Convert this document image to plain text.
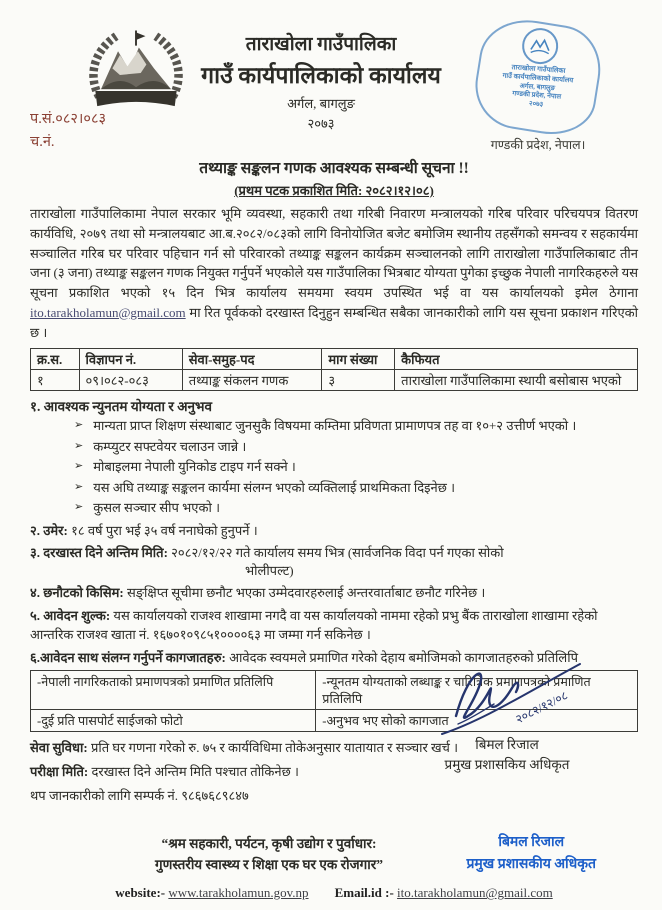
ताराखोला गाउँपालिका
गाउँ कार्यपालिकाको कार्यालय
अर्गल, बागलुङ
२०७३
प.सं.०८२।०८३
च.नं.
ताराखोला गाउँपालिका
गाउँ कार्यपालिकाको कार्यालय
अर्गल, बागलुङ
गण्डकी प्रदेश, नेपाल
२०७३
गण्डकी प्रदेश, नेपाल।
तथ्याङ्क सङ्कलन गणक आवश्यक सम्बन्धी सूचना !!
(प्रथम पटक प्रकाशित मिति: २०८२।१२।०८)
ताराखोला गाउँपालिकामा नेपाल सरकार भूमि व्यवस्था, सहकारी तथा गरिबी निवारण मन्त्रालयको गरिब परिवार परिचयपत्र वितरण कार्यविधि, २०७९ तथा सो मन्त्रालयबाट आ.ब.२०८२/०८३को लागि विनोयोजित बजेट बमोजिम स्थानीय तहसँगको समन्वय र सहकार्यमा सञ्चालित गरिब घर परिवार पहिचान गर्न सो परिवारको तथ्याङ्क सङ्कलन कार्यक्रम सञ्चालनको लागि ताराखोला गाउँपालिकाबाट तीन जना (३ जना) तथ्याङ्क सङ्कलन गणक नियुक्त गर्नुपर्ने भएकोले यस गाउँपालिका भित्रबाट योग्यता पुगेका इच्छुक नेपाली नागरिकहरुले यस सूचना प्रकाशित भएको १५ दिन भित्र कार्यालय समयमा स्वयम उपस्थित भई वा यस कार्यालयको इमेल ठेगाना ito.tarakholamun@gmail.com मा रित पूर्वकको दरखास्त दिनुहुन सम्बन्धित सबैका जानकारीको लागि यस सूचना प्रकाशन गरिएको छ ।
क्र.स.	विज्ञापन नं.	सेवा-समुह-पद	माग संख्या	कैफियत
१	०९।०८२-०८३	तथ्याङ्क संकलन गणक	३	ताराखोला गाउँपालिकामा स्थायी बसोबास भएको
१. आवश्यक न्युनतम योग्यता र अनुभव
➢ मान्यता प्राप्त शिक्षण संस्थाबाट जुनसुकै विषयमा कम्तिमा प्रविणता प्रामाणपत्र तह वा १०+२ उत्तीर्ण भएको ।
➢ कम्प्युटर सफ्टवेयर चलाउन जान्ने ।
➢ मोबाइलमा नेपाली युनिकोड टाइप गर्न सक्ने ।
➢ यस अघि तथ्याङ्क सङ्कलन कार्यमा संलग्न भएको व्यक्तिलाई प्राथमिकता दिइनेछ ।
➢ कुसल सञ्चार सीप भएको ।
२. उमेर: १८ वर्ष पुरा भई ३५ वर्ष ननाघेको हुनुपर्ने ।
३. दरखास्त दिने अन्तिम मिति: २०८२/१२/२२ गते कार्यालय समय भित्र (सार्वजनिक विदा पर्न गएका सोको
भोलीपल्ट)
४. छनौटको किसिम: सङ्क्षिप्त सूचीमा छनौट भएका उम्मेदवारहरुलाई अन्तरवार्ताबाट छनौट गरिनेछ ।
५. आवेदन शुल्क: यस कार्यालयको राजश्व शाखामा नगदै वा यस कार्यालयको नाममा रहेको प्रभु बैंक ताराखोला शाखामा रहेको आन्तरिक राजश्व खाता नं. १६७०१०९८५१००००६३ मा जम्मा गर्न सकिनेछ ।
६.आवेदन साथ संलग्न गर्नुपर्ने कागजातहरु: आवेदक स्वयमले प्रमाणित गरेको देहाय बमोजिमको कागजातहरुको प्रतिलिपि
-नेपाली नागरिकताको प्रमाणपत्रको प्रमाणित प्रतिलिपि	-न्यूनतम योग्यताको लब्धाङ्क र चारित्रिक प्रमाणपत्रको प्रमाणित प्रतिलिपि
-दुई प्रति पासपोर्ट साईजको फोटो	-अनुभव भए सोको कागजात
सेवा सुविधा: प्रति घर गणना गरेको रु. ७५ र कार्यविधिमा तोकेअनुसार यातायात र सञ्चार खर्च ।
परीक्षा मिति: दरखास्त दिने अन्तिम मिति पश्चात तोकिनेछ ।
थप जानकारीको लागि सम्पर्क नं. ९८६७६८९८४७
“श्रम सहकारी, पर्यटन, कृषी उद्योग र पुर्वाधार:
गुणस्तरीय स्वास्थ्य र शिक्षा एक घर एक रोजगार”
बिमल रिजाल
प्रमुख प्रशासकीय अधिकृत
website:- www.tarakholamun.gov.np Email.id :- ito.tarakholamun@gmail.com
२०८२/१२/०८
बिमल रिजाल
प्रमुख प्रशासकिय अधिकृत
